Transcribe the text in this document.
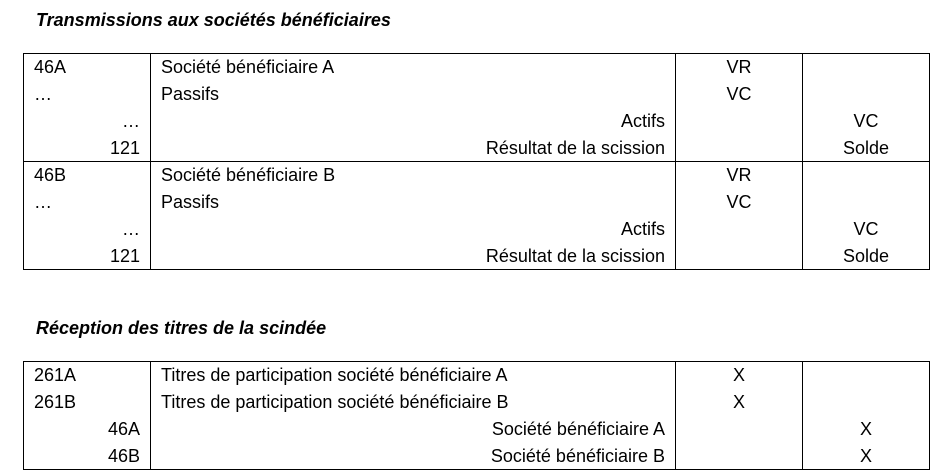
Transmissions aux sociétés bénéficiaires
46A	Société bénéficiaire A	VR	
…	Passifs	VC	
…	Actifs		VC
121	Résultat de la scission		Solde
46B	Société bénéficiaire B	VR	
…	Passifs	VC	
…	Actifs		VC
121	Résultat de la scission		Solde
Réception des titres de la scindée
261A	Titres de participation société bénéficiaire A	X	
261B	Titres de participation société bénéficiaire B	X	
46A	Société bénéficiaire A		X
46B	Société bénéficiaire B		X
